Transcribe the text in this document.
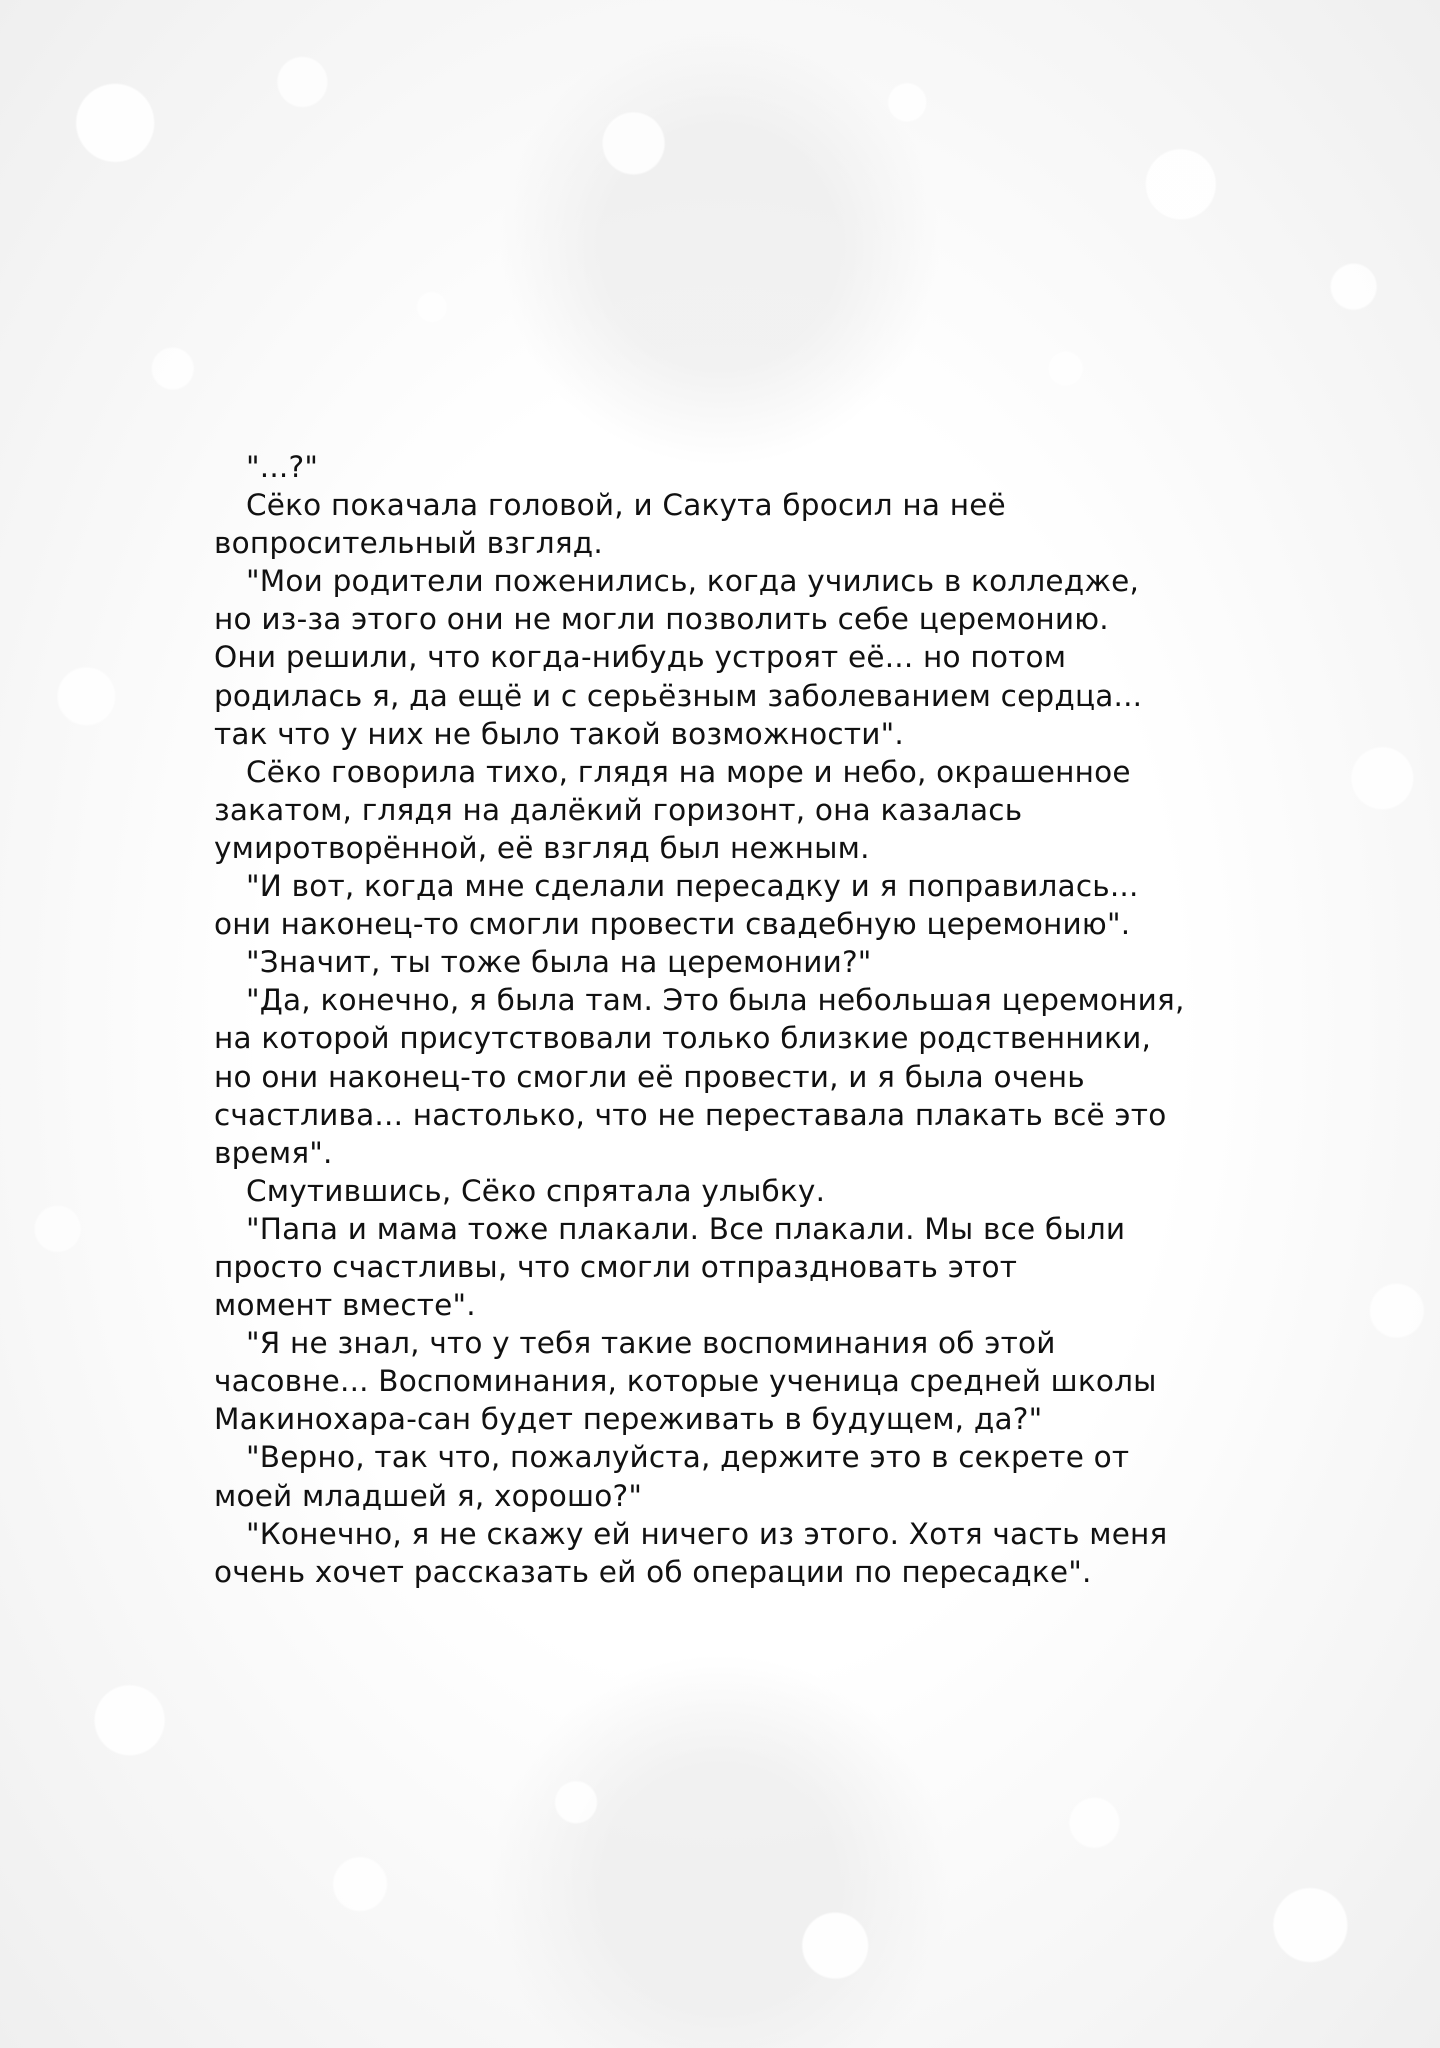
"...?"
Сёко покачала головой, и Сакута бросил на неё
вопросительный взгляд.
"Мои родители поженились, когда учились в колледже,
но из-за этого они не могли позволить себе церемонию.
Они решили, что когда-нибудь устроят её... но потом
родилась я, да ещё и с серьёзным заболеванием сердца...
так что у них не было такой возможности".
Сёко говорила тихо, глядя на море и небо, окрашенное
закатом, глядя на далёкий горизонт, она казалась
умиротворённой, её взгляд был нежным.
"И вот, когда мне сделали пересадку и я поправилась...
они наконец-то смогли провести свадебную церемонию".
"Значит, ты тоже была на церемонии?"
"Да, конечно, я была там. Это была небольшая церемония,
на которой присутствовали только близкие родственники,
но они наконец-то смогли её провести, и я была очень
счастлива... настолько, что не переставала плакать всё это
время".
Смутившись, Сёко спрятала улыбку.
"Папа и мама тоже плакали. Все плакали. Мы все были
просто счастливы, что смогли отпраздновать этот
момент вместе".
"Я не знал, что у тебя такие воспоминания об этой
часовне... Воспоминания, которые ученица средней школы
Макинохара-сан будет переживать в будущем, да?"
"Верно, так что, пожалуйста, держите это в секрете от
моей младшей я, хорошо?"
"Конечно, я не скажу ей ничего из этого. Хотя часть меня
очень хочет рассказать ей об операции по пересадке".
